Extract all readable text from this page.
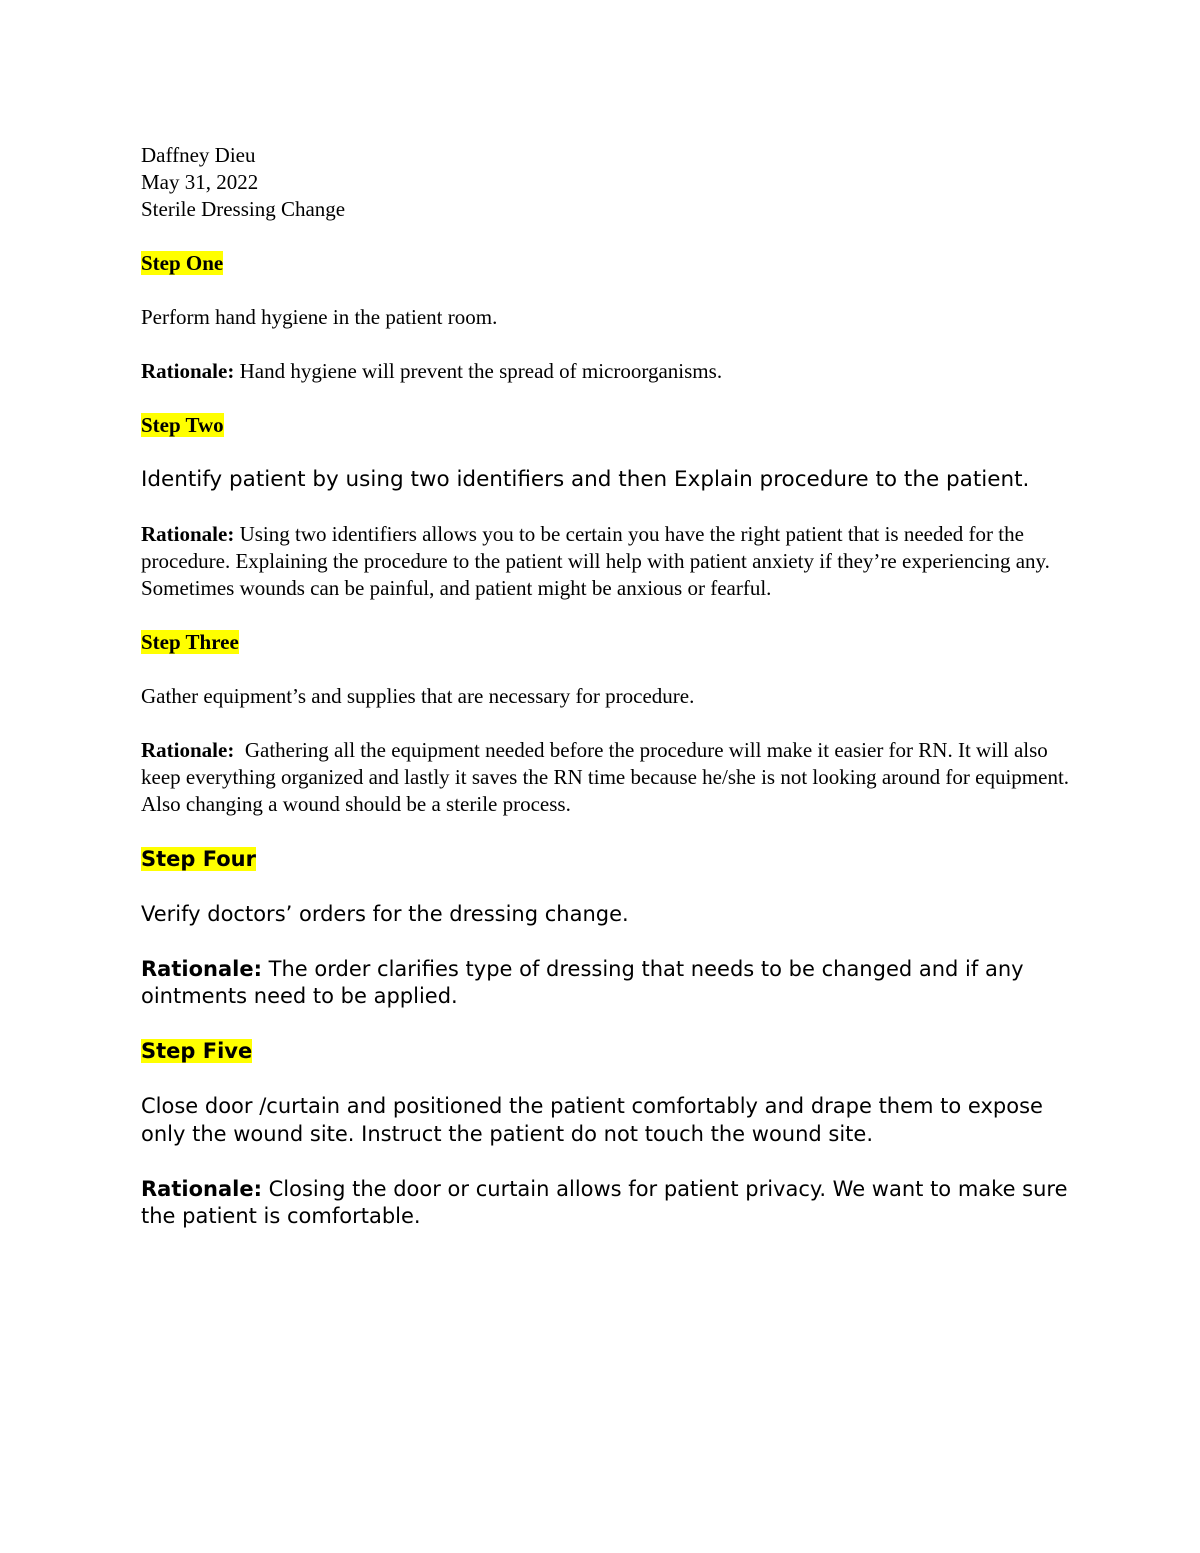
Daffney Dieu

May 31, 2022

Sterile Dressing Change

Step One

Perform hand hygiene in the patient room.

Rationale: Hand hygiene will prevent the spread of microorganisms.

Step Two

Identify patient by using two identifiers and then Explain procedure to the patient.

Rationale: Using two identifiers allows you to be certain you have the right patient that is needed for the procedure. Explaining the procedure to the patient will help with patient anxiety if they’re experiencing any. Sometimes wounds can be painful, and patient might be anxious or fearful.

Step Three

Gather equipment’s and supplies that are necessary for procedure.

Rationale:  Gathering all the equipment needed before the procedure will make it easier for RN. It will also keep everything organized and lastly it saves the RN time because he/she is not looking around for equipment. Also changing a wound should be a sterile process.

Step Four

Verify doctors’ orders for the dressing change.

Rationale: The order clarifies type of dressing that needs to be changed and if any ointments need to be applied.

Step Five

Close door /curtain and positioned the patient comfortably and drape them to expose only the wound site. Instruct the patient do not touch the wound site.

Rationale: Closing the door or curtain allows for patient privacy. We want to make sure the patient is comfortable.
